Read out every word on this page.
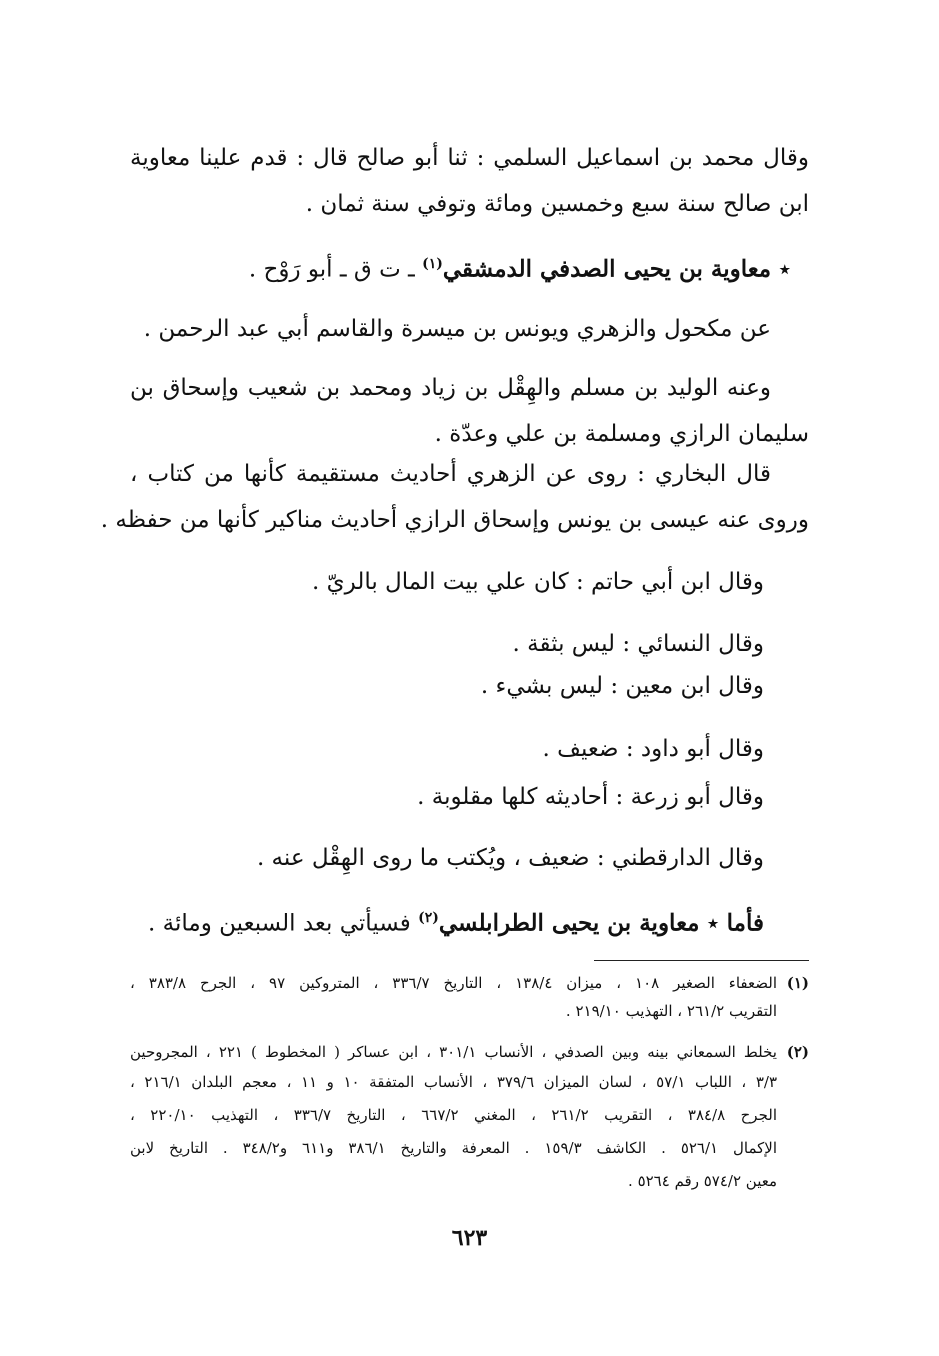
وقال محمد بن اسماعيل السلمي : ثنا أبو صالح قال : قدم علينا معاوية
ابن صالح سنة سبع وخمسين ومائة وتوفي سنة ثمان .
٭ معاوية بن يحيى الصدفي الدمشقي$^{(١)}$ ـ ت ق ـ أبو رَوْح .
عن مكحول والزهري ويونس بن ميسرة والقاسم أبي عبد الرحمن .
وعنه الوليد بن مسلم والهِقْل بن زياد ومحمد بن شعيب وإسحاق بن
سليمان الرازي ومسلمة بن علي وعدّة .
قال البخاري : روى عن الزهري أحاديث مستقيمة كأنها من كتاب ،
وروى عنه عيسى بن يونس وإسحاق الرازي أحاديث مناكير كأنها من حفظه .
وقال ابن أبي حاتم : كان علي بيت المال بالريّ .
وقال النسائي : ليس بثقة .
وقال ابن معين : ليس بشيء .
وقال أبو داود : ضعيف .
وقال أبو زرعة : أحاديثه كلها مقلوبة .
وقال الدارقطني : ضعيف ، ويُكتب ما روى الهِقْل عنه .
فأما ٭ معاوية بن يحيى الطرابلسي$^{(٢)}$ فسيأتي بعد السبعين ومائة .
(١)الضعفاء الصغير ١٠٨ ، ميزان ١٣٨/٤ ، التاريخ ٣٣٦/٧ ، المتروكين ٩٧ ، الجرح ٣٨٣/٨ ،
التقريب ٢٦١/٢ ، التهذيب ٢١٩/١٠ .
(٢)يخلط السمعاني بينه وبين الصدفي ، الأنساب ٣٠١/١ ، ابن عساكر ( المخطوط ) ٢٢١ ، المجروحين
٣/٣ ، اللباب ٥٧/١ ، لسان الميزان ٣٧٩/٦ ، الأنساب المتفقة ١٠ و ١١ ، معجم البلدان ٢١٦/١ ،
الجرح ٣٨٤/٨ ، التقريب ٢٦١/٢ ، المغني ٦٦٧/٢ ، التاريخ ٣٣٦/٧ ، التهذيب ٢٢٠/١٠ ،
الإكمال ٥٢٦/١ . الكاشف ١٥٩/٣ . المعرفة والتاريخ ٣٨٦/١ و٦١١ و٣٤٨/٢ . التاريخ لابن
معين ٥٧٤/٢ رقم ٥٢٦٤ .
٦٢٣
